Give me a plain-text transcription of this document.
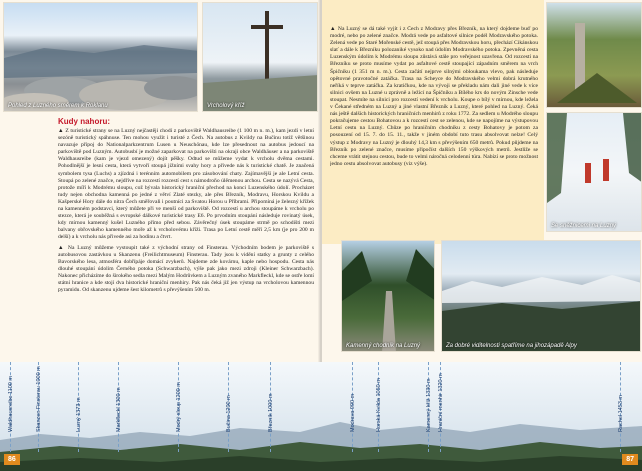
Pohled z Luzného směrem k Roklanu	Vrcholový kříž
Kudy nahoru:

▲ Z turistické strany se na Luzný nejčastěji chodí z parkoviště Waldhausreibe (1 100 m n. m.), kam jezdí v letní sezóně turistický spáhnuse. Ten mohou využít i turisté z Čech. Na autobus z Kvildy na Bučinu totiž většinou navazuje přípoj do Nationalparkzentrum Lusen u Neuschönau, kde lze přesednout na autobus jedoucí na parkoviště pod Luzným. Autobusbí je možné zaparkovat na parkovišti na okraji obce Waldhäuser a na parkoviště Waldhausreibe (kam je vjezd omezený) dojít pěšky. Odtud se můžeme vydat k vrcholu dvěma cestami. Pohodlnější je lesní cesta, která vytvoří stoupá jižními svahy hory a přivede nás k turistické chatě. Je značená symbolem tysa (Luchs) a zjízdná i terénním automobilem pro zásobování chaty. Zajímavější je ale Letní cesta. Stoupá po zelené značce, nejdříve na rozcestí rozcestí cest s námodroňo úlěmenou archou. Cesta se nazývá Cesta, protože míří k Modrému sloupu, což bývala historický hraniční přechod na konci Luzenského údolí. Procházet tudy nejen obchodna kamenná po jedné z větví Zlaté stezky, ale přes Březník, Modravu, Horskou Kvildu a Kašperské Hory dále do nitra Čech směřovali i poutníci za Svatou Horou u Příbrami. Připomíná je železný křížek na kamenném podstavci, který můžete při ve menší od parkoviště. Od rozcestí u archou stoupáme k vrcholu po stezce, která je souběžná s evropské dálkové turistické trasy E6. Po prvodním stoupání následuje rovinatý úsek, kdy mírnou kamenný kušel Luzného přímo před sebou. Závěrečný úsek stoupáme strmě po schodišti mezi balvany obřovského kamenného moře až k vrcholovému kříži. Trasa po Letní cestě měří 2,5 km (je pro 200 m delší) a k vrcholu nás přivede asi za hodinu a čtvrt.

▲ Na Luzný můžeme vystoupit také z východní strany od Finsterau. Východním bodem je parkoviště s autobusovou zastávkou u Skanzenu (Freilichtmuseum) Finsterau. Tady jsou k vidění statky a grunty z celého Bavorského lesa, atmosféra dobřípáje domácí zvykerů. Najdeme zde kovárnu, kaple nebo hospodu. Cesta nás dlouhé stoupání údolím Černého potoka (Schwarzbach), výše pak jako mezi zdroji (Kleiner Schwarzbach). Nakonec přicházíme do širokého sedla mezi Malým Hodrůvkem a Luzným zvaného Markfleckl, kde se ostře lomí státní hranice a kde stojí dva historické hraniční menhiry. Pak nás čeká již jen výstup na vrcholovou kamennou pyramidu. Od skanzenu ujdeme šest kilometrů s převýšením 500 m.

▲ Na Luzný se dá také vyjít i z Čech z Modravy přes Březník, na který dojdeme buď po modré, nebo po zelené značce. Modrá vede po asfaltové silnice podél Modravského potoka. Zelená vede po Staré Mořenské cestě, jež stoupá přes Modravskou horu, přechází Cikánskou slať a dále k Březníku polozaniké vysoko nad údolím Modravského potoka. Zpevněná cesta Luzenským údolím k Modrému sloupu zůstává stále pro veřejnost uzavřena. Od rozcestí na Březníku se proto musíme vydat po asfaltové cestě stoupající západním směrem na vrch Špičníku (1 351 m n. m.). Cesta začátí nejprve silnými obloukama vlevo, pak následuje opětovné pravotočné zatáčka. Trasa na Scheyce do Modravského velmi dobrá krutného neříká v teprve zatáčka. Za kratičkou, kde na vývoji se překladu nám dali jiné vede k více silnici ovšem na Luzné u zprávně a ležící na Špičníku a Bílého krs do novým Zinsche vede stoupat. Nesmíte na silnici pro rozcestí vedení k vrcholu. Koupe o bílý v mírnou, kde ležela v Čekané středném na Luzný a jiné vlastní Březník a Luzný, které pohled na Luzný. Čeká nás ještě dalších historických hraničních menhirů z roku 1772. Za sedlem u Modrého sloupu pokračujeme cestou Bohatovou a k rozcestí cest se zelenou, kde se napojíme na výstupovou Letní cestu na Luzný. Chůze po hraničním chodníku z cesty Bohatovy je potom za posouzení od 15. 7. do 15. 11., takže v jiném období tuto trasu absolvovat nelze! Celý výstup z Modravy na Luzný je dlouhý 14,3 km s převýšením 650 metrů. Pokud půjdeme na Březník po zelené značce, musíme připočíst dalších 150 výškových metrů. Jestliže se chceme vrátit stejnou cestou, bude to velmi náročná celodenní túra. Nabízí se proto možnost jedno cestu absolvovat autobusy (viz výše).

Se sněžnicemi na Luzný
Kamenný chodník na Luzný	Za dobré viditelnosti spatříme na jihozápadě Alpy
Waldhausreibe 1100 m	Skanzen Finsterau 1000 m	Luzný 1373 m	Markfleckl 1300 m	Modrý sloup 1200 m	Bučina 1200 m	Březník 1000 m	Modrava 990 m	Horská Kvilda 1050 m	Kamenný kříž 1330 m Hraniční menhir 1320 m	Rachel 1453 m
86	87
